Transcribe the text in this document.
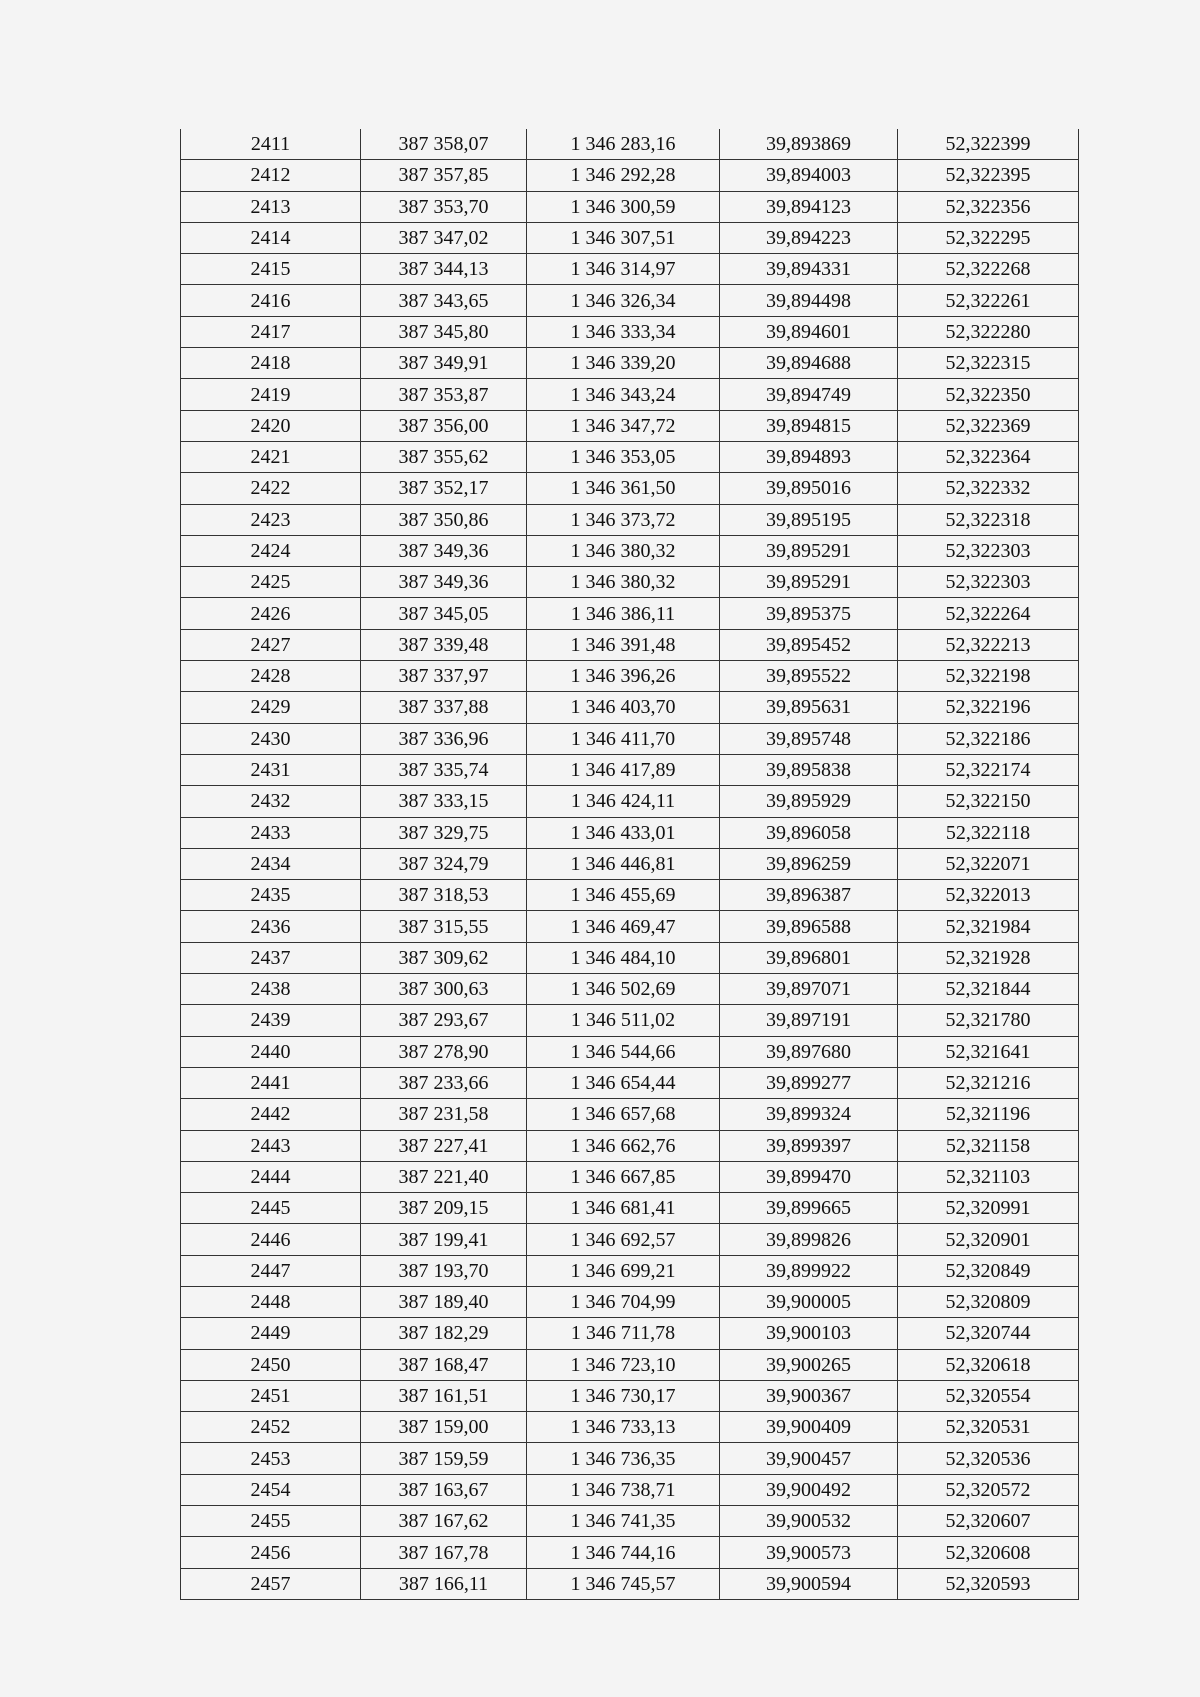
2411	387 358,07	1 346 283,16	39,893869	52,322399
2412	387 357,85	1 346 292,28	39,894003	52,322395
2413	387 353,70	1 346 300,59	39,894123	52,322356
2414	387 347,02	1 346 307,51	39,894223	52,322295
2415	387 344,13	1 346 314,97	39,894331	52,322268
2416	387 343,65	1 346 326,34	39,894498	52,322261
2417	387 345,80	1 346 333,34	39,894601	52,322280
2418	387 349,91	1 346 339,20	39,894688	52,322315
2419	387 353,87	1 346 343,24	39,894749	52,322350
2420	387 356,00	1 346 347,72	39,894815	52,322369
2421	387 355,62	1 346 353,05	39,894893	52,322364
2422	387 352,17	1 346 361,50	39,895016	52,322332
2423	387 350,86	1 346 373,72	39,895195	52,322318
2424	387 349,36	1 346 380,32	39,895291	52,322303
2425	387 349,36	1 346 380,32	39,895291	52,322303
2426	387 345,05	1 346 386,11	39,895375	52,322264
2427	387 339,48	1 346 391,48	39,895452	52,322213
2428	387 337,97	1 346 396,26	39,895522	52,322198
2429	387 337,88	1 346 403,70	39,895631	52,322196
2430	387 336,96	1 346 411,70	39,895748	52,322186
2431	387 335,74	1 346 417,89	39,895838	52,322174
2432	387 333,15	1 346 424,11	39,895929	52,322150
2433	387 329,75	1 346 433,01	39,896058	52,322118
2434	387 324,79	1 346 446,81	39,896259	52,322071
2435	387 318,53	1 346 455,69	39,896387	52,322013
2436	387 315,55	1 346 469,47	39,896588	52,321984
2437	387 309,62	1 346 484,10	39,896801	52,321928
2438	387 300,63	1 346 502,69	39,897071	52,321844
2439	387 293,67	1 346 511,02	39,897191	52,321780
2440	387 278,90	1 346 544,66	39,897680	52,321641
2441	387 233,66	1 346 654,44	39,899277	52,321216
2442	387 231,58	1 346 657,68	39,899324	52,321196
2443	387 227,41	1 346 662,76	39,899397	52,321158
2444	387 221,40	1 346 667,85	39,899470	52,321103
2445	387 209,15	1 346 681,41	39,899665	52,320991
2446	387 199,41	1 346 692,57	39,899826	52,320901
2447	387 193,70	1 346 699,21	39,899922	52,320849
2448	387 189,40	1 346 704,99	39,900005	52,320809
2449	387 182,29	1 346 711,78	39,900103	52,320744
2450	387 168,47	1 346 723,10	39,900265	52,320618
2451	387 161,51	1 346 730,17	39,900367	52,320554
2452	387 159,00	1 346 733,13	39,900409	52,320531
2453	387 159,59	1 346 736,35	39,900457	52,320536
2454	387 163,67	1 346 738,71	39,900492	52,320572
2455	387 167,62	1 346 741,35	39,900532	52,320607
2456	387 167,78	1 346 744,16	39,900573	52,320608
2457	387 166,11	1 346 745,57	39,900594	52,320593
